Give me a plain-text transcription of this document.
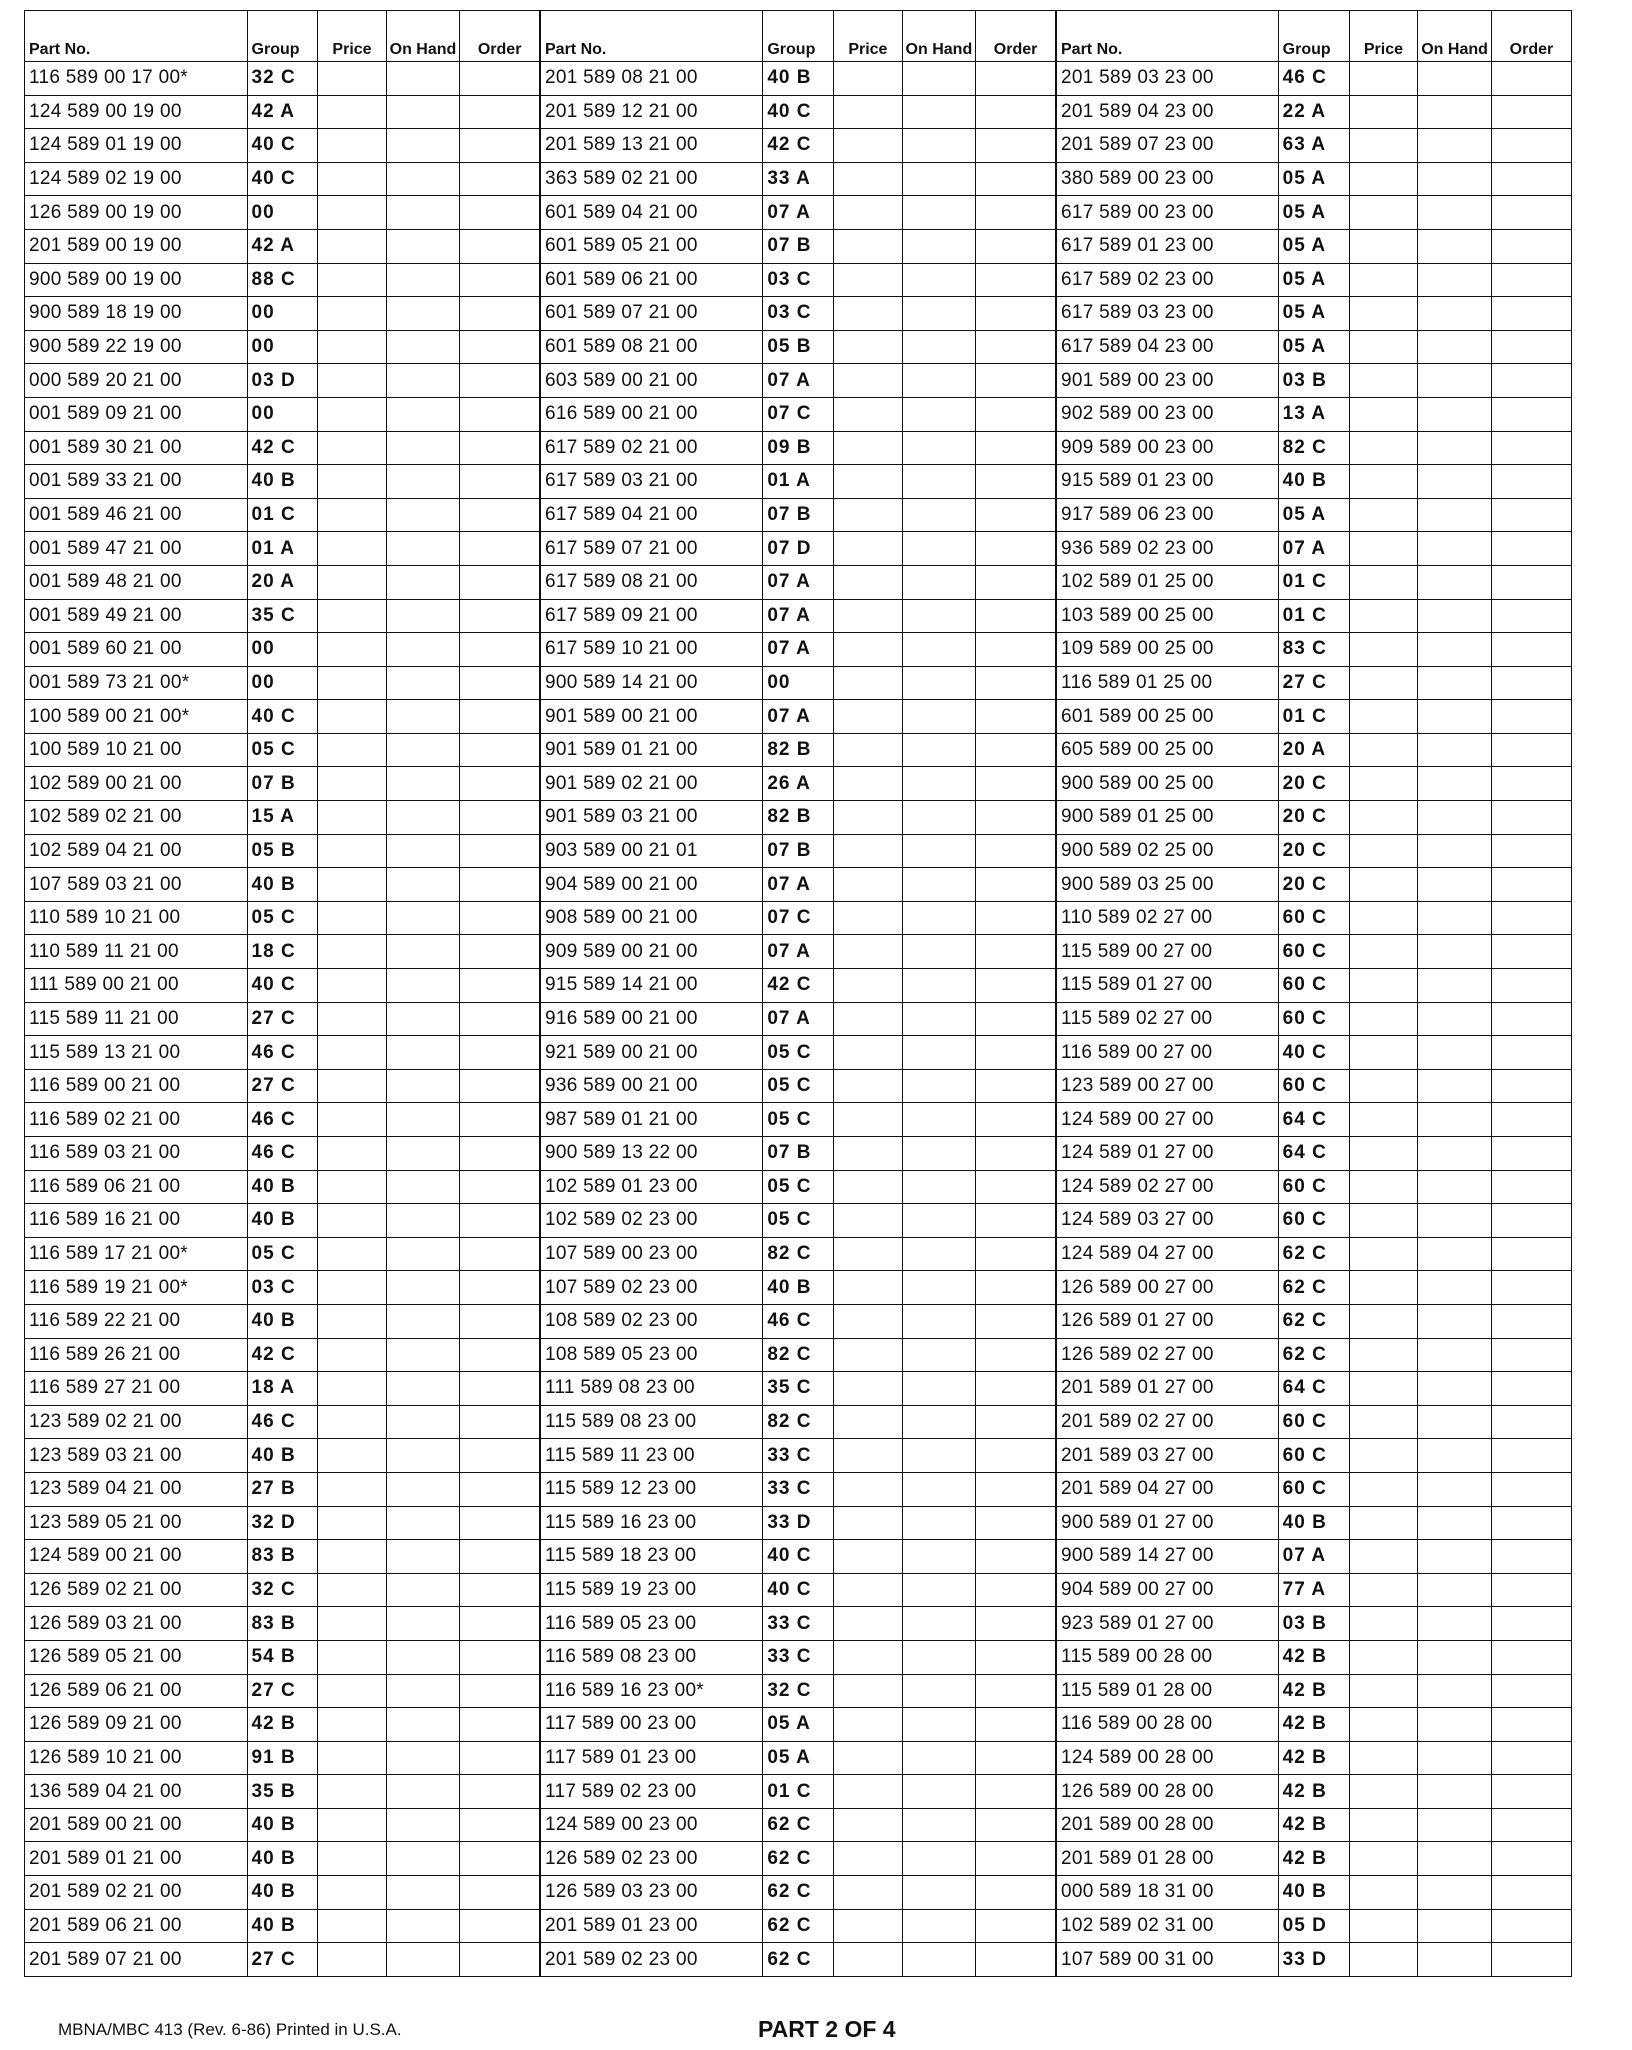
Part No.	Group	Price	On Hand	Order
116 589 00 17 00*	32 C			
124 589 00 19 00	42 A			
124 589 01 19 00	40 C			
124 589 02 19 00	40 C			
126 589 00 19 00	00			
201 589 00 19 00	42 A			
900 589 00 19 00	88 C			
900 589 18 19 00	00			
900 589 22 19 00	00			
000 589 20 21 00	03 D			
001 589 09 21 00	00			
001 589 30 21 00	42 C			
001 589 33 21 00	40 B			
001 589 46 21 00	01 C			
001 589 47 21 00	01 A			
001 589 48 21 00	20 A			
001 589 49 21 00	35 C			
001 589 60 21 00	00			
001 589 73 21 00*	00			
100 589 00 21 00*	40 C			
100 589 10 21 00	05 C			
102 589 00 21 00	07 B			
102 589 02 21 00	15 A			
102 589 04 21 00	05 B			
107 589 03 21 00	40 B			
110 589 10 21 00	05 C			
110 589 11 21 00	18 C			
111 589 00 21 00	40 C			
115 589 11 21 00	27 C			
115 589 13 21 00	46 C			
116 589 00 21 00	27 C			
116 589 02 21 00	46 C			
116 589 03 21 00	46 C			
116 589 06 21 00	40 B			
116 589 16 21 00	40 B			
116 589 17 21 00*	05 C			
116 589 19 21 00*	03 C			
116 589 22 21 00	40 B			
116 589 26 21 00	42 C			
116 589 27 21 00	18 A			
123 589 02 21 00	46 C			
123 589 03 21 00	40 B			
123 589 04 21 00	27 B			
123 589 05 21 00	32 D			
124 589 00 21 00	83 B			
126 589 02 21 00	32 C			
126 589 03 21 00	83 B			
126 589 05 21 00	54 B			
126 589 06 21 00	27 C			
126 589 09 21 00	42 B			
126 589 10 21 00	91 B			
136 589 04 21 00	35 B			
201 589 00 21 00	40 B			
201 589 01 21 00	40 B			
201 589 02 21 00	40 B			
201 589 06 21 00	40 B			
201 589 07 21 00	27 C			
Part No.	Group	Price	On Hand	Order
201 589 08 21 00	40 B			
201 589 12 21 00	40 C			
201 589 13 21 00	42 C			
363 589 02 21 00	33 A			
601 589 04 21 00	07 A			
601 589 05 21 00	07 B			
601 589 06 21 00	03 C			
601 589 07 21 00	03 C			
601 589 08 21 00	05 B			
603 589 00 21 00	07 A			
616 589 00 21 00	07 C			
617 589 02 21 00	09 B			
617 589 03 21 00	01 A			
617 589 04 21 00	07 B			
617 589 07 21 00	07 D			
617 589 08 21 00	07 A			
617 589 09 21 00	07 A			
617 589 10 21 00	07 A			
900 589 14 21 00	00			
901 589 00 21 00	07 A			
901 589 01 21 00	82 B			
901 589 02 21 00	26 A			
901 589 03 21 00	82 B			
903 589 00 21 01	07 B			
904 589 00 21 00	07 A			
908 589 00 21 00	07 C			
909 589 00 21 00	07 A			
915 589 14 21 00	42 C			
916 589 00 21 00	07 A			
921 589 00 21 00	05 C			
936 589 00 21 00	05 C			
987 589 01 21 00	05 C			
900 589 13 22 00	07 B			
102 589 01 23 00	05 C			
102 589 02 23 00	05 C			
107 589 00 23 00	82 C			
107 589 02 23 00	40 B			
108 589 02 23 00	46 C			
108 589 05 23 00	82 C			
111 589 08 23 00	35 C			
115 589 08 23 00	82 C			
115 589 11 23 00	33 C			
115 589 12 23 00	33 C			
115 589 16 23 00	33 D			
115 589 18 23 00	40 C			
115 589 19 23 00	40 C			
116 589 05 23 00	33 C			
116 589 08 23 00	33 C			
116 589 16 23 00*	32 C			
117 589 00 23 00	05 A			
117 589 01 23 00	05 A			
117 589 02 23 00	01 C			
124 589 00 23 00	62 C			
126 589 02 23 00	62 C			
126 589 03 23 00	62 C			
201 589 01 23 00	62 C			
201 589 02 23 00	62 C			
Part No.	Group	Price	On Hand	Order
201 589 03 23 00	46 C			
201 589 04 23 00	22 A			
201 589 07 23 00	63 A			
380 589 00 23 00	05 A			
617 589 00 23 00	05 A			
617 589 01 23 00	05 A			
617 589 02 23 00	05 A			
617 589 03 23 00	05 A			
617 589 04 23 00	05 A			
901 589 00 23 00	03 B			
902 589 00 23 00	13 A			
909 589 00 23 00	82 C			
915 589 01 23 00	40 B			
917 589 06 23 00	05 A			
936 589 02 23 00	07 A			
102 589 01 25 00	01 C			
103 589 00 25 00	01 C			
109 589 00 25 00	83 C			
116 589 01 25 00	27 C			
601 589 00 25 00	01 C			
605 589 00 25 00	20 A			
900 589 00 25 00	20 C			
900 589 01 25 00	20 C			
900 589 02 25 00	20 C			
900 589 03 25 00	20 C			
110 589 02 27 00	60 C			
115 589 00 27 00	60 C			
115 589 01 27 00	60 C			
115 589 02 27 00	60 C			
116 589 00 27 00	40 C			
123 589 00 27 00	60 C			
124 589 00 27 00	64 C			
124 589 01 27 00	64 C			
124 589 02 27 00	60 C			
124 589 03 27 00	60 C			
124 589 04 27 00	62 C			
126 589 00 27 00	62 C			
126 589 01 27 00	62 C			
126 589 02 27 00	62 C			
201 589 01 27 00	64 C			
201 589 02 27 00	60 C			
201 589 03 27 00	60 C			
201 589 04 27 00	60 C			
900 589 01 27 00	40 B			
900 589 14 27 00	07 A			
904 589 00 27 00	77 A			
923 589 01 27 00	03 B			
115 589 00 28 00	42 B			
115 589 01 28 00	42 B			
116 589 00 28 00	42 B			
124 589 00 28 00	42 B			
126 589 00 28 00	42 B			
201 589 00 28 00	42 B			
201 589 01 28 00	42 B			
000 589 18 31 00	40 B			
102 589 02 31 00	05 D			
107 589 00 31 00	33 D			
MBNA/MBC 413 (Rev. 6-86) Printed in U.S.A.	PART 2 OF 4
